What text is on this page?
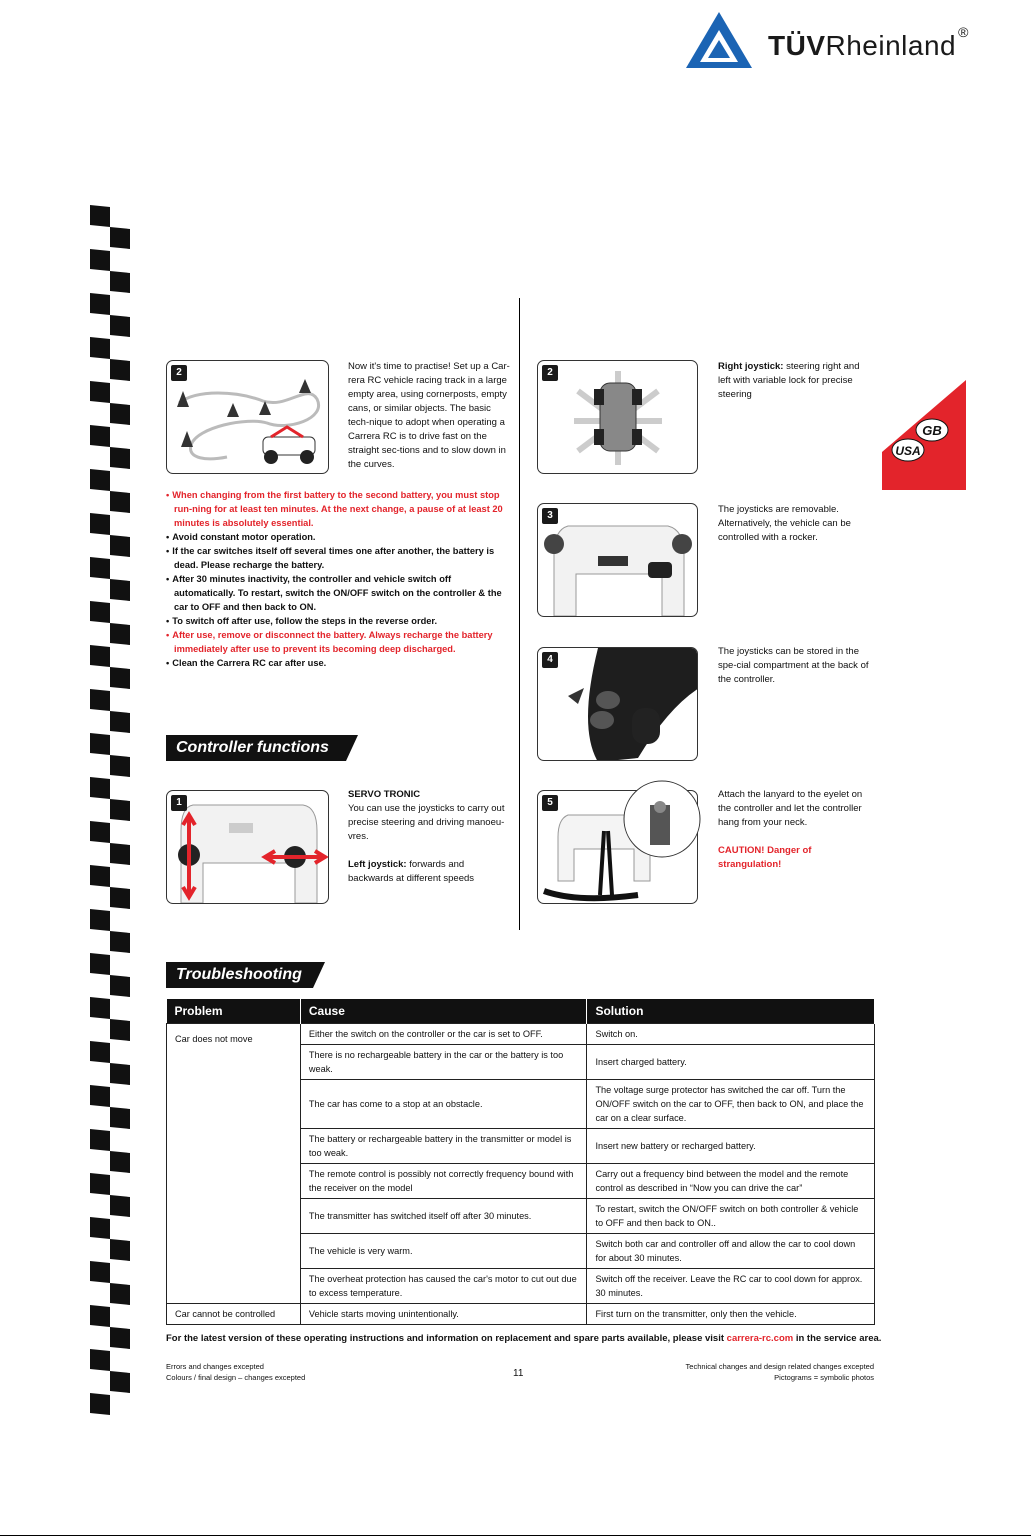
TÜVRheinland ®
2
Now it's time to practise! Set up a Car-rera RC vehicle racing track in a large empty area, using cornerposts, empty cans, or similar objects. The basic tech-nique to adopt when operating a Carrera RC is to drive fast on the straight sec-tions and to slow down in the curves.
• When changing from the first battery to the second battery, you must stop run-ning for at least ten minutes. At the next change, a pause of at least 20 minutes is absolutely essential.
• Avoid constant motor operation.
• If the car switches itself off several times one after another, the battery is dead. Please recharge the battery.
• After 30 minutes inactivity, the controller and vehicle switch off automatically. To restart, switch the ON/OFF switch on the controller & the car to OFF and then back to ON.
• To switch off after use, follow the steps in the reverse order.
• After use, remove or disconnect the battery. Always recharge the battery immediately after use to prevent its becoming deep discharged.
• Clean the Carrera RC car after use.
Controller functions
1
SERVO TRONIC
You can use the joysticks to carry out precise steering and driving manoeu-vres.

Left joystick: forwards and backwards at different speeds
2
Right joystick: steering right and left with variable lock for precise steering
3
The joysticks are removable. Alternatively, the vehicle can be controlled with a rocker.
4
The joysticks can be stored in the spe-cial compartment at the back of the controller.
5
Attach the lanyard to the eyelet on the controller and let the controller hang from your neck.

CAUTION! Danger of strangulation!
GB
USA
Troubleshooting
Problem	Cause	Solution
Car does not move	Either the switch on the controller or the car is set to OFF.	Switch on.
	There is no rechargeable battery in the car or the battery is too weak.	Insert charged battery.
	The car has come to a stop at an obstacle.	The voltage surge protector has switched the car off. Turn the ON/OFF switch on the car to OFF, then back to ON, and place the car on a clear surface.
	The battery or rechargeable battery in the transmitter or model is too weak.	Insert new battery or recharged battery.
	The remote control is possibly not correctly frequency bound with the receiver on the model	Carry out a frequency bind between the model and the remote control as described in “Now you can drive the car”
	The transmitter has switched itself off after 30 minutes.	To restart, switch the ON/OFF switch on both controller & vehicle to OFF and then back to ON..
	The vehicle is very warm.	Switch both car and controller off and allow the car to cool down for about 30 minutes.
	The overheat protection has caused the car's motor to cut out due to excess temperature.	Switch off the receiver. Leave the RC car to cool down for approx. 30 minutes.
Car cannot be controlled	Vehicle starts moving unintentionally.	First turn on the transmitter, only then the vehicle.
For the latest version of these operating instructions and information on replacement and spare parts available, please visit carrera-rc.com in the service area.
Errors and changes excepted
Colours / final design – changes excepted	11
Technical changes and design related changes excepted
Pictograms = symbolic photos
